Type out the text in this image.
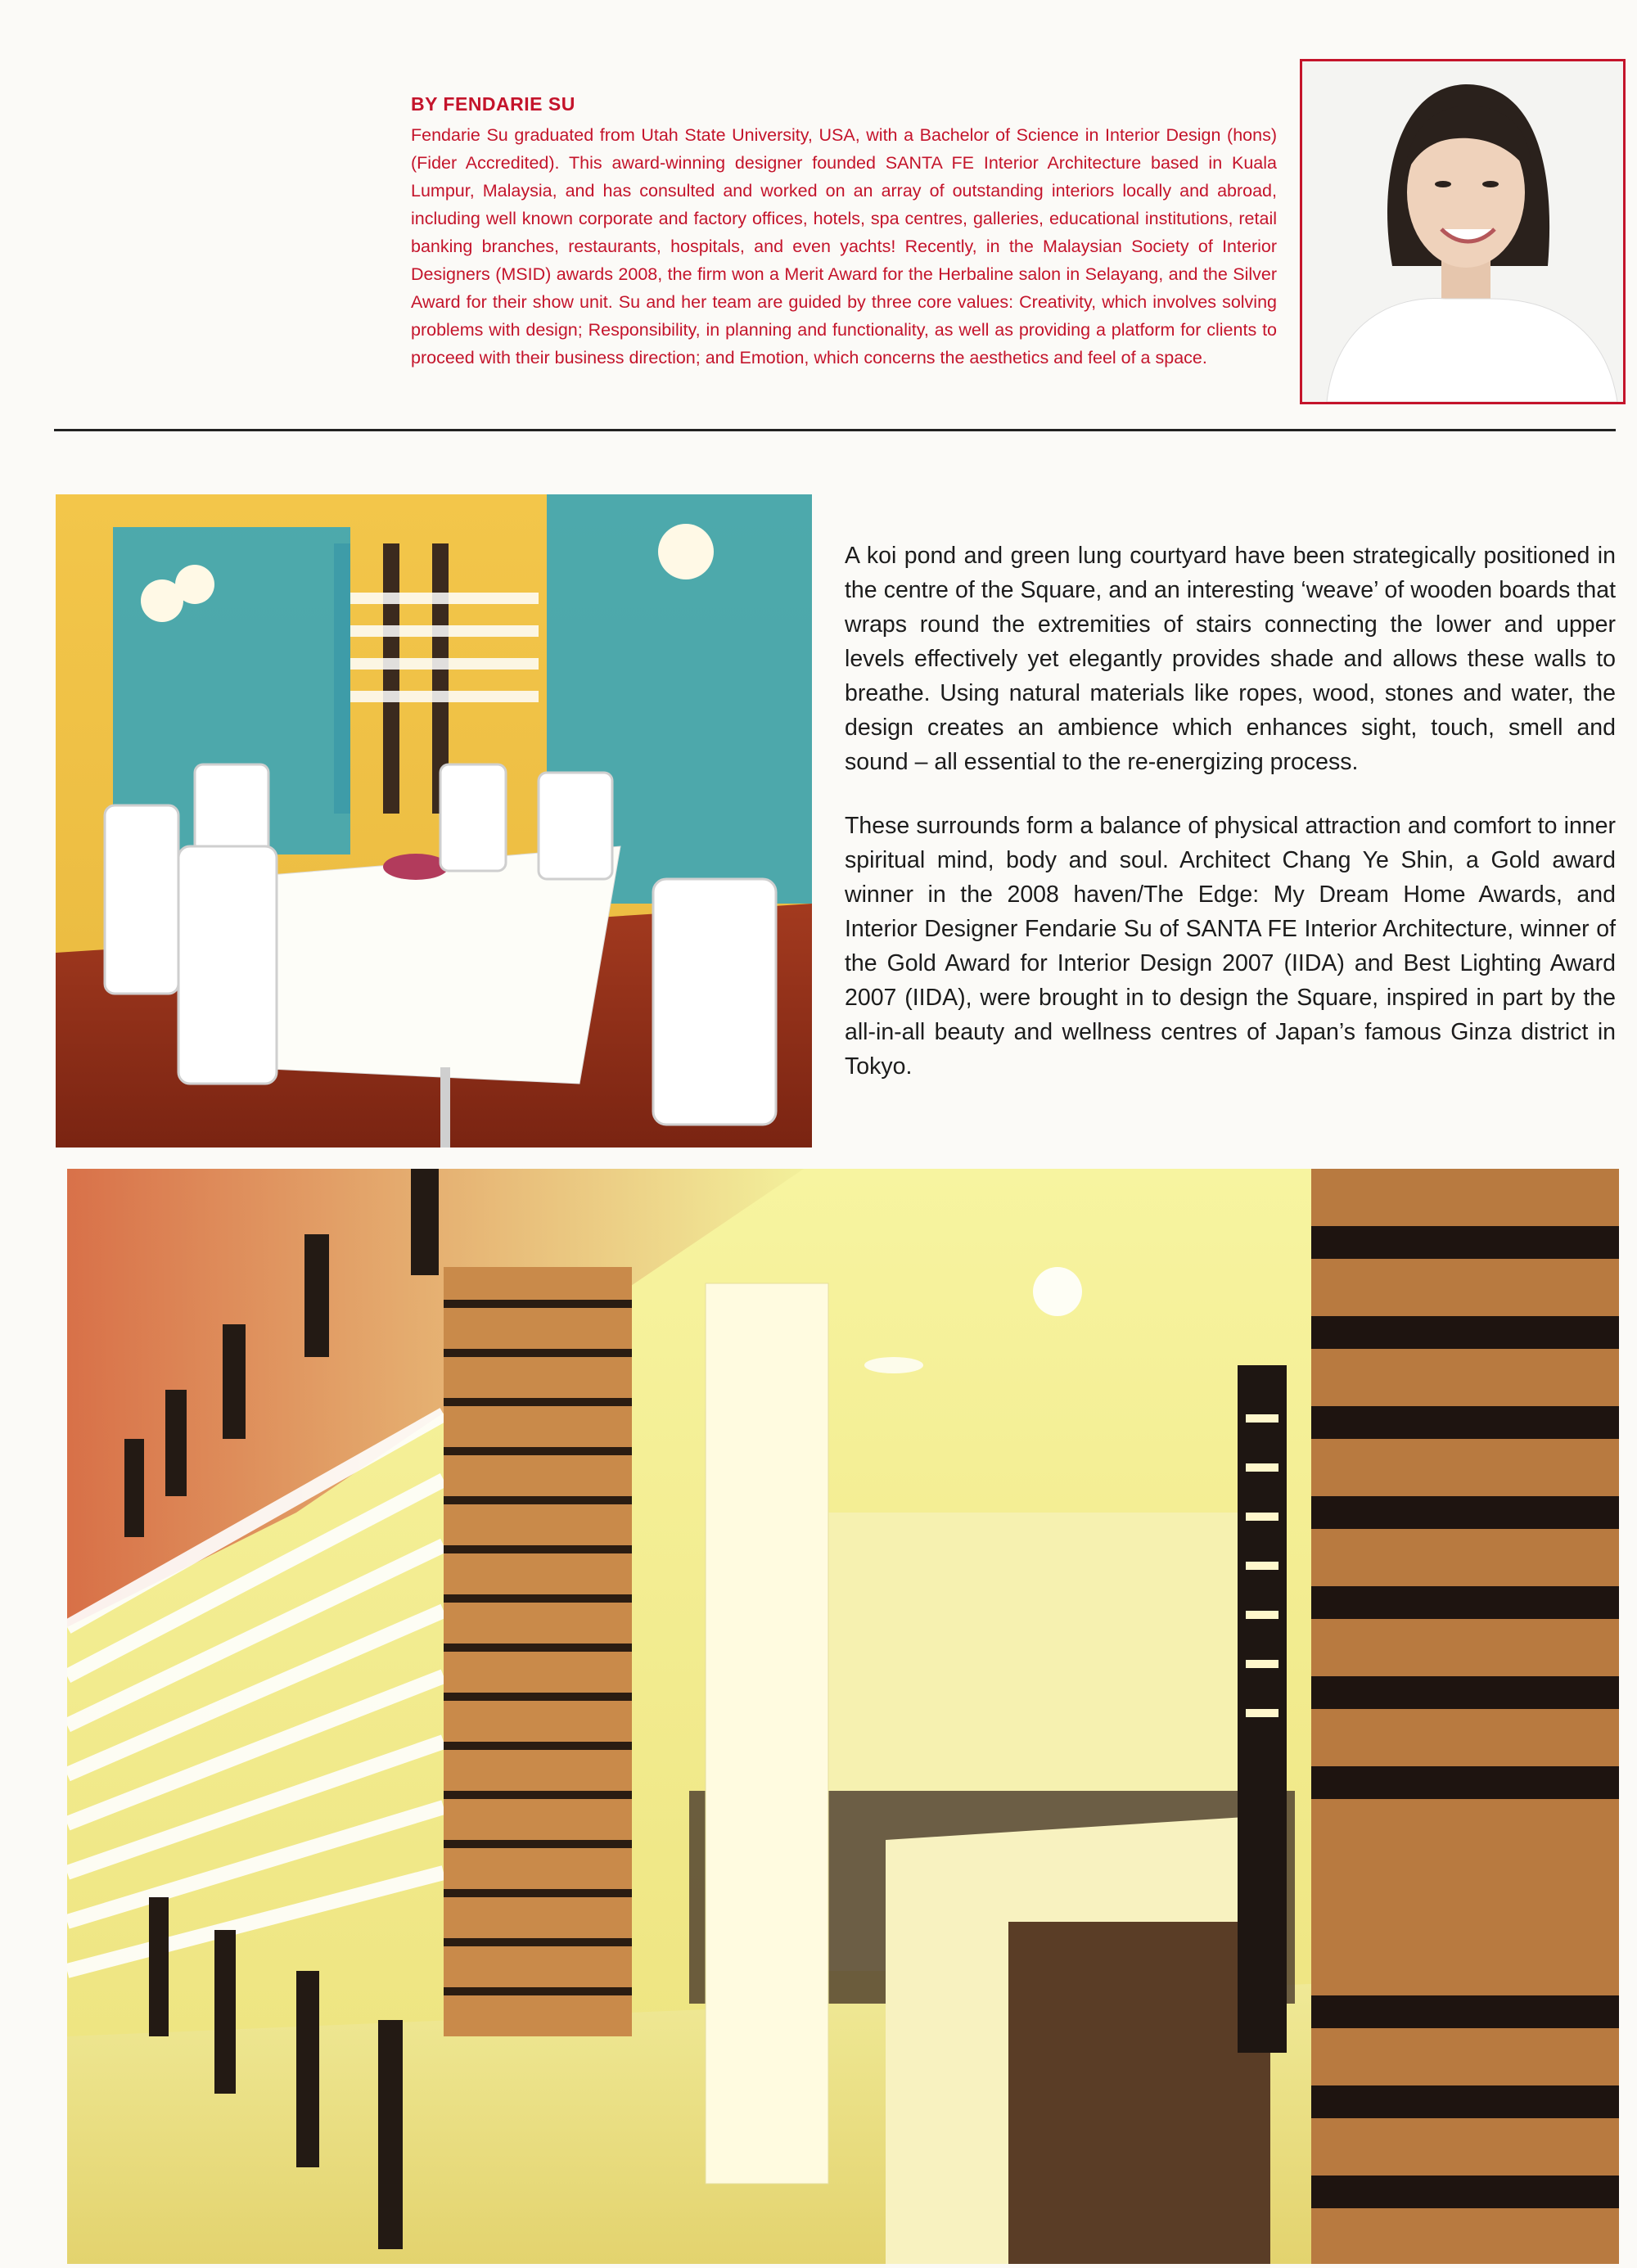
BY FENDARIE SU
Fendarie Su graduated from Utah State University, USA, with a Bachelor of Science in Interior Design (hons) (Fider Accredited). This award-winning designer founded SANTA FE Interior Architecture based in Kuala Lumpur, Malaysia, and has consulted and worked on an array of outstanding interiors locally and abroad, including well known corporate and factory offices, hotels, spa centres, galleries, educational institutions, retail banking branches, restaurants, hospitals, and even yachts! Recently, in the Malaysian Society of Interior Designers (MSID) awards 2008, the firm won a Merit Award for the Herbaline salon in Selayang, and the Silver Award for their show unit. Su and her team are guided by three core values: Creativity, which involves solving problems with design; Responsibility, in planning and functionality, as well as providing a platform for clients to proceed with their business direction; and Emotion, which concerns the aesthetics and feel of a space.

A koi pond and green lung courtyard have been strategically positioned in the centre of the Square, and an interesting ‘weave’ of wooden boards that wraps round the extremities of stairs connecting the lower and upper levels effectively yet elegantly provides shade and allows these walls to breathe. Using natural materials like ropes, wood, stones and water, the design creates an ambience which enhances sight, touch, smell and sound – all essential to the re-energizing process.

These surrounds form a balance of physical attraction and comfort to inner spiritual mind, body and soul. Architect Chang Ye Shin, a Gold award winner in the 2008 haven/The Edge: My Dream Home Awards, and Interior Designer Fendarie Su of SANTA FE Interior Architecture, winner of the Gold Award for Interior Design 2007 (IIDA) and Best Lighting Award 2007 (IIDA), were brought in to design the Square, inspired in part by the all-in-all beauty and wellness centres of Japan’s famous Ginza district in Tokyo.
